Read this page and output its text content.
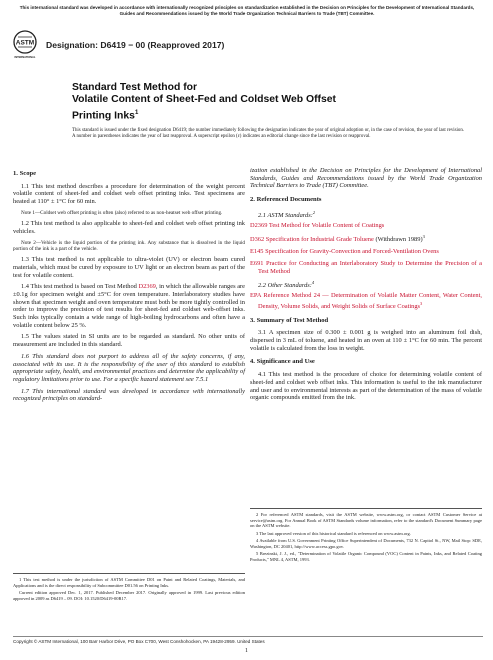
This international standard was developed in accordance with internationally recognized principles on standardization established in the Decision on Principles for the Development of International Standards, Guides and Recommendations issued by the World Trade Organization Technical Barriers to Trade (TBT) Committee.
ASTM
INTERNATIONAL
Designation: D6419 − 00 (Reapproved 2017)
Standard Test Method for
Volatile Content of Sheet-Fed and Coldset Web Offset
Printing Inks$^1$
This standard is issued under the fixed designation D6419; the number immediately following the designation indicates the year of original adoption or, in the case of revision, the year of last revision. A number in parentheses indicates the year of last reapproval. A superscript epsilon (ε) indicates an editorial change since the last revision or reapproval.
1. Scope

1.1 This test method describes a procedure for determination of the weight percent volatile content of sheet-fed and coldset web offset printing inks. Test specimens are heated at 110° ± 1°C for 60 min.

Note 1—Coldset web offset printing is often (also) referred to as non-heatset web offset printing.

1.2 This test method is also applicable to sheet-fed and coldset web offset printing ink vehicles.

Note 2—Vehicle is the liquid portion of the printing ink. Any substance that is dissolved in the liquid portion of the ink is a part of the vehicle.

1.3 This test method is not applicable to ultra-violet (UV) or electron beam cured materials, which must be cured by exposure to UV light or an electron beam as part of the test for volatile content.

1.4 This test method is based on Test Method D2369, in which the allowable ranges are ±0.1g for specimen weight and ±5°C for oven temperature. Interlaboratory studies have shown that specimen weight and oven temperature must both be more tightly controlled in order to improve the precision of test results for sheet-fed and coldset web-offset inks. Such inks typically contain a wide range of high-boiling hydrocarbons and often have a volatile content below 25 %.

1.5 The values stated in SI units are to be regarded as standard. No other units of measurement are included in this standard.

1.6 This standard does not purport to address all of the safety concerns, if any, associated with its use. It is the responsibility of the user of this standard to establish appropriate safety, health, and environmental practices and determine the applicability of regulatory limitations prior to use. For a specific hazard statement see 7.5.1

1.7 This international standard was developed in accordance with internationally recognized principles on standard-

ization established in the Decision on Principles for the Development of International Standards, Guides and Recommendations issued by the World Trade Organization Technical Barriers to Trade (TBT) Committee.

2. Referenced Documents

2.1 ASTM Standards:$^2$

D2369 Test Method for Volatile Content of Coatings

D362 Specification for Industrial Grade Toluene (Withdrawn 1989)$^3$

E145 Specification for Gravity-Convection and Forced-Ventilation Ovens

E691 Practice for Conducting an Interlaboratory Study to Determine the Precision of a Test Method

2.2 Other Standards:$^4$

EPA Reference Method 24 — Determination of Volatile Matter Content, Water Content, Density, Volume Solids, and Weight Solids of Surface Coatings$^3$

3. Summary of Test Method

3.1 A specimen size of 0.300 ± 0.001 g is weighed into an aluminum foil dish, dispersed in 3 mL of toluene, and heated in an oven at 110 ± 1°C for 60 min. The percent volatile is calculated from the loss in weight.

4. Significance and Use

4.1 This test method is the procedure of choice for determining volatile content of sheet-fed and coldset web offset inks. This information is useful to the ink manufacturer and user and to environmental interests as part of the determination of the mass of volatile organic compounds emitted from the ink.

1 This test method is under the jurisdiction of ASTM Committee D01 on Paint and Related Coatings, Materials, and Applications and is the direct responsibility of Subcommittee D01.56 on Printing Inks.

Current edition approved Dec. 1, 2017. Published December 2017. Originally approved in 1999. Last previous edition approved in 2009 as D6419 – 09. DOI: 10.1520/D6419-00R17.

2 For referenced ASTM standards, visit the ASTM website, www.astm.org, or contact ASTM Customer Service at service@astm.org. For Annual Book of ASTM Standards volume information, refer to the standard's Document Summary page on the ASTM website.

3 The last approved version of this historical standard is referenced on www.astm.org.

4 Available from U.S. Government Printing Office Superintendent of Documents, 732 N. Capitol St., NW, Mail Stop: SDE, Washington, DC 20401, http://www.access.gpo.gov.

5 Brezinski, J. J., ed., "Determination of Volatile Organic Compound (VOC) Content in Paints, Inks, and Related Coating Products," MNL 4, ASTM, 1993.

Copyright © ASTM International, 100 Barr Harbor Drive, PO Box C700, West Conshohocken, PA 19428-2959. United States
1
